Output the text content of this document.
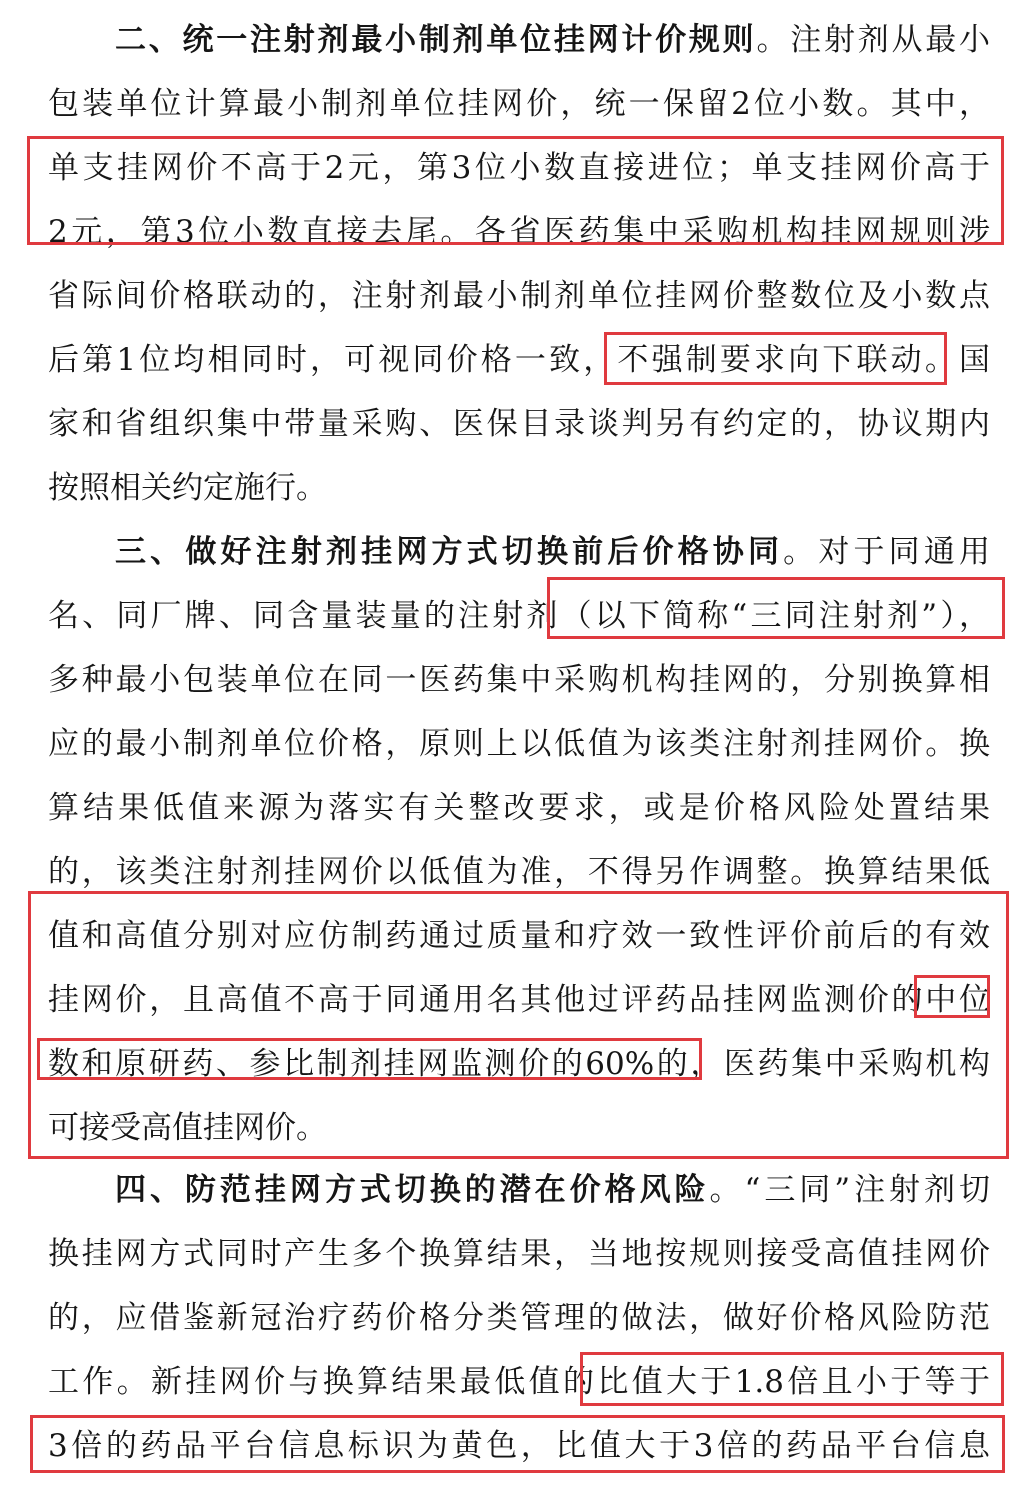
二、统一注射剂最小制剂单位挂网计价规则。注射剂从最小
包装单位计算最小制剂单位挂网价，统一保留2位小数。其中，
单支挂网价不高于2元，第3位小数直接进位；单支挂网价高于
2元，第3位小数直接去尾。各省医药集中采购机构挂网规则涉
省际间价格联动的，注射剂最小制剂单位挂网价整数位及小数点
后第1位均相同时，可视同价格一致，不强制要求向下联动。国
家和省组织集中带量采购、医保目录谈判另有约定的，协议期内
按照相关约定施行。
三、做好注射剂挂网方式切换前后价格协同。对于同通用
名、同厂牌、同含量装量的注射剂（以下简称“三同注射剂”），
多种最小包装单位在同一医药集中采购机构挂网的，分别换算相
应的最小制剂单位价格，原则上以低值为该类注射剂挂网价。换
算结果低值来源为落实有关整改要求，或是价格风险处置结果
的，该类注射剂挂网价以低值为准，不得另作调整。换算结果低
值和高值分别对应仿制药通过质量和疗效一致性评价前后的有效
挂网价，且高值不高于同通用名其他过评药品挂网监测价的中位
数和原研药、参比制剂挂网监测价的60%的，医药集中采购机构
可接受高值挂网价。
四、防范挂网方式切换的潜在价格风险。“三同”注射剂切
换挂网方式同时产生多个换算结果，当地按规则接受高值挂网价
的，应借鉴新冠治疗药价格分类管理的做法，做好价格风险防范
工作。新挂网价与换算结果最低值的比值大于1.8倍且小于等于
3倍的药品平台信息标识为黄色，比值大于3倍的药品平台信息
